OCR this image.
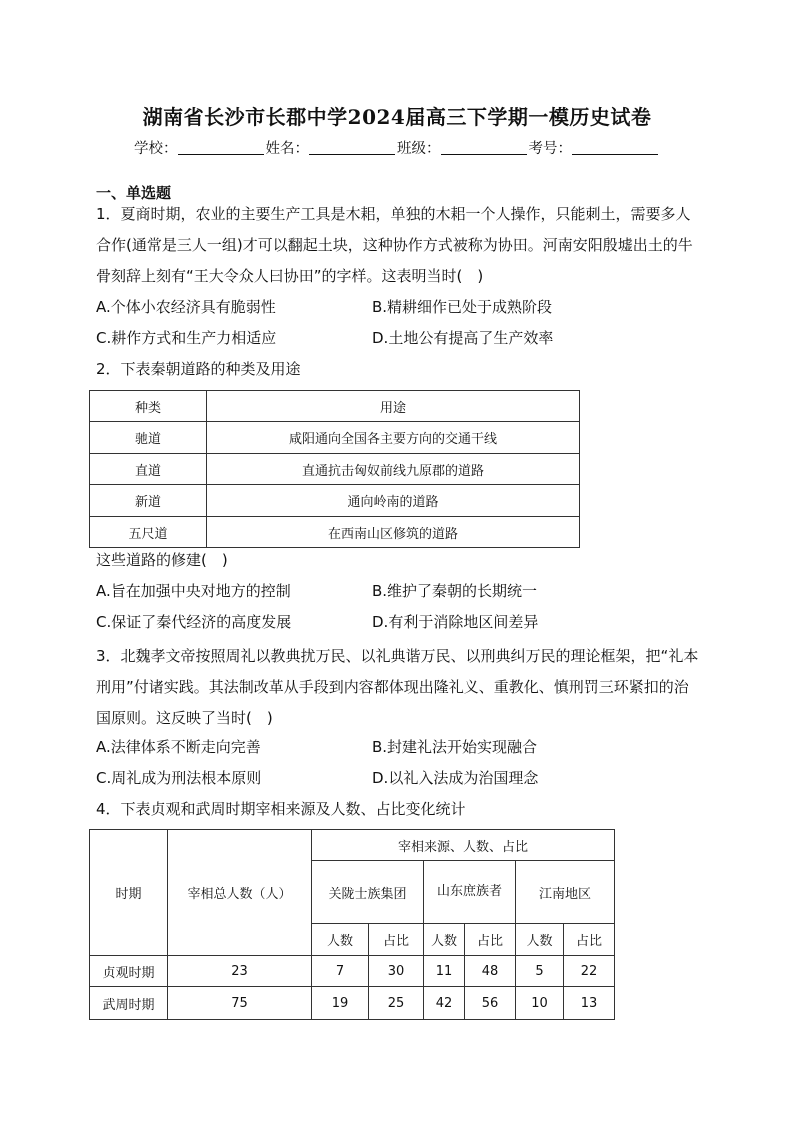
湖南省长沙市长郡中学2024届高三下学期一模历史试卷
学校：	姓名：	班级：	考号：
一、单选题
1．夏商时期，农业的主要生产工具是木耜，单独的木耜一个人操作，只能刺土，需要多人合作(通常是三人一组)才可以翻起土块，这种协作方式被称为协田。河南安阳殷墟出土的牛骨刻辞上刻有“王大令众人曰协田”的字样。这表明当时(　)
A.个体小农经济具有脆弱性	B.精耕细作已处于成熟阶段
C.耕作方式和生产力相适应	D.土地公有提高了生产效率
2．下表秦朝道路的种类及用途
种类	用途
驰道	咸阳通向全国各主要方向的交通干线
直道	直通抗击匈奴前线九原郡的道路
新道	通向岭南的道路
五尺道	在西南山区修筑的道路
这些道路的修建(　)
A.旨在加强中央对地方的控制	B.维护了秦朝的长期统一
C.保证了秦代经济的高度发展	D.有利于消除地区间差异
3．北魏孝文帝按照周礼以教典扰万民、以礼典谐万民、以刑典纠万民的理论框架，把“礼本刑用”付诸实践。其法制改革从手段到内容都体现出隆礼义、重教化、慎刑罚三环紧扣的治国原则。这反映了当时(　)
A.法律体系不断走向完善	B.封建礼法开始实现融合
C.周礼成为刑法根本原则	D.以礼入法成为治国理念
4．下表贞观和武周时期宰相来源及人数、占比变化统计
时期	宰相总人数（人）	宰相来源、人数、占比					
		关陇士族集团		山东庶族者		江南地区	
		人数	占比	人数	占比	人数	占比
贞观时期	23	7	30	11	48	5	22
武周时期	75	19	25	42	56	10	13
